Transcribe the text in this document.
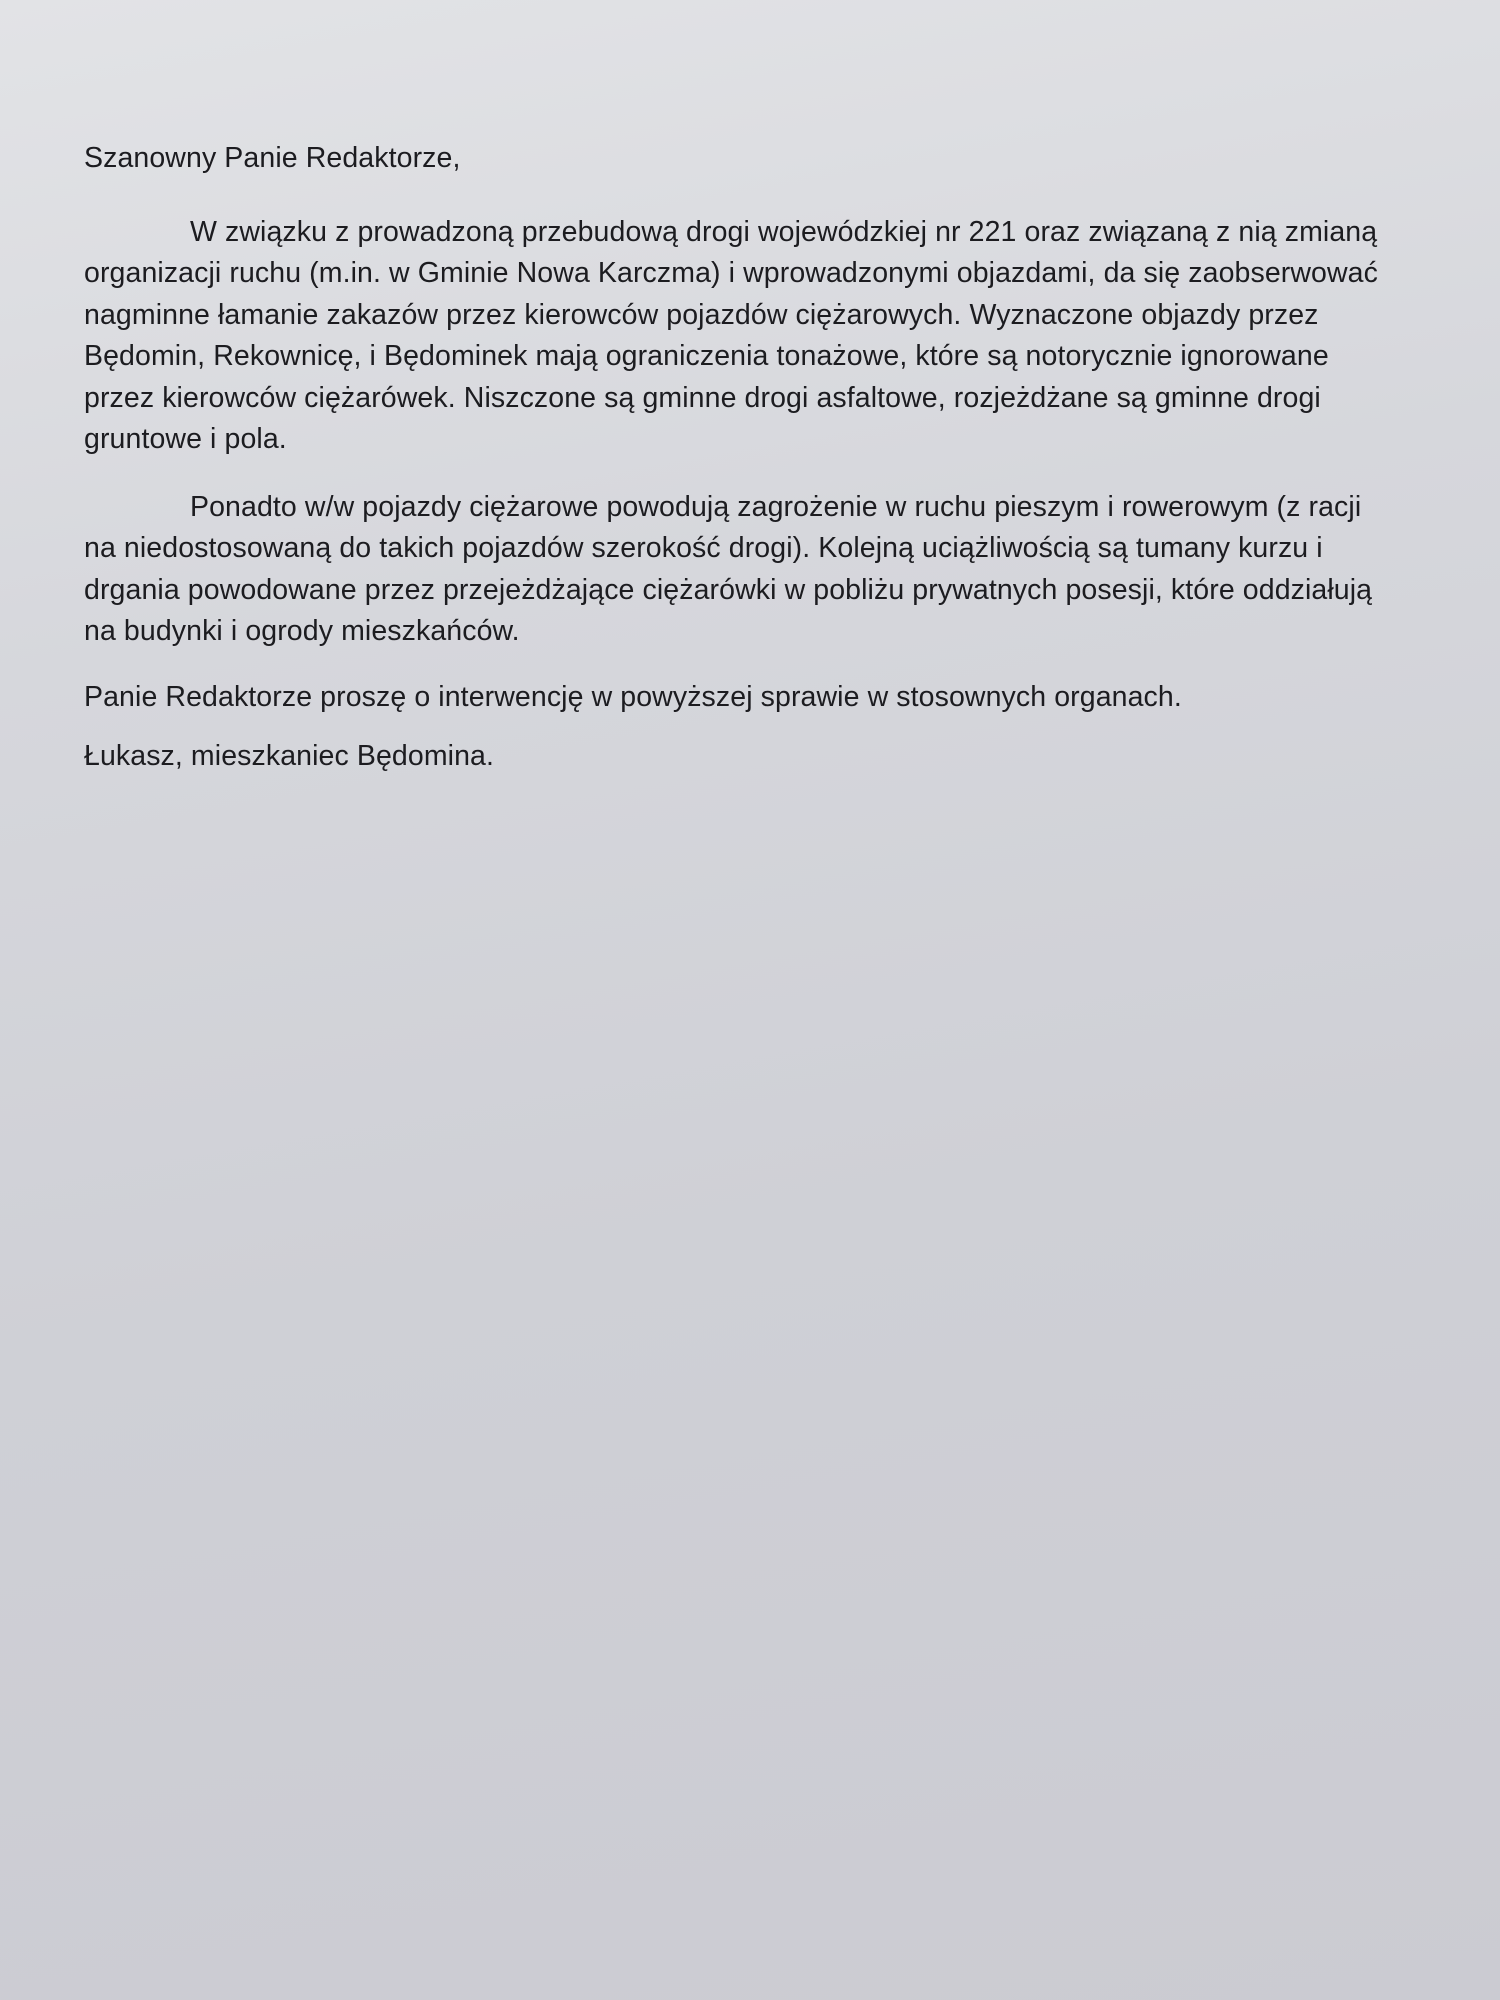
Szanowny Panie Redaktorze,

W związku z prowadzoną przebudową drogi wojewódzkiej nr 221 oraz związaną z nią zmianą
organizacji ruchu (m.in. w Gminie Nowa Karczma) i wprowadzonymi objazdami, da się zaobserwować
nagminne łamanie zakazów przez kierowców pojazdów ciężarowych. Wyznaczone objazdy przez
Będomin, Rekownicę, i Będominek mają ograniczenia tonażowe, które są notorycznie ignorowane
przez kierowców ciężarówek. Niszczone są gminne drogi asfaltowe, rozjeżdżane są gminne drogi
gruntowe i pola.

Ponadto w/w pojazdy ciężarowe powodują zagrożenie w ruchu pieszym i rowerowym (z racji
na niedostosowaną do takich pojazdów szerokość drogi). Kolejną uciążliwością są tumany kurzu i
drgania powodowane przez przejeżdżające ciężarówki w pobliżu prywatnych posesji, które oddziałują
na budynki i ogrody mieszkańców.

Panie Redaktorze proszę o interwencję w powyższej sprawie w stosownych organach.

Łukasz, mieszkaniec Będomina.
